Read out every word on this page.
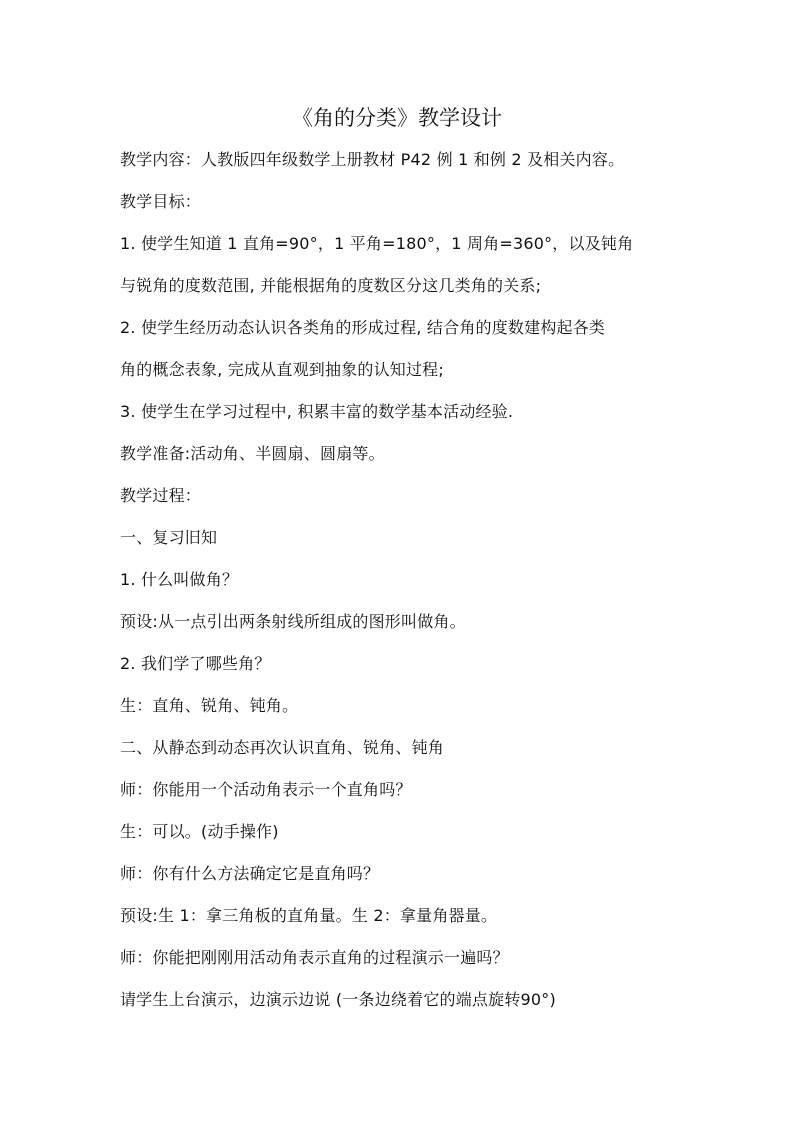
《角的分类》教学设计
教学内容：人教版四年级数学上册教材 P42 例 1 和例 2 及相关内容。
教学目标：
1. 使学生知道 1 直角=90°，1 平角=180°，1 周角=360°，以及钝角
与锐角的度数范围, 并能根据角的度数区分这几类角的关系;
2. 使学生经历动态认识各类角的形成过程, 结合角的度数建构起各类
角的概念表象, 完成从直观到抽象的认知过程;
3. 使学生在学习过程中, 积累丰富的数学基本活动经验.
教学准备:活动角、半圆扇、圆扇等。
教学过程：
一、复习旧知
1. 什么叫做角？
预设:从一点引出两条射线所组成的图形叫做角。
2. 我们学了哪些角？
生：直角、锐角、钝角。
二、从静态到动态再次认识直角、锐角、钝角
师：你能用一个活动角表示一个直角吗？
生：可以。(动手操作)
师：你有什么方法确定它是直角吗？
预设:生 1：拿三角板的直角量。生 2：拿量角器量。
师：你能把刚刚用活动角表示直角的过程演示一遍吗？
请学生上台演示，边演示边说 (一条边绕着它的端点旋转90°)
